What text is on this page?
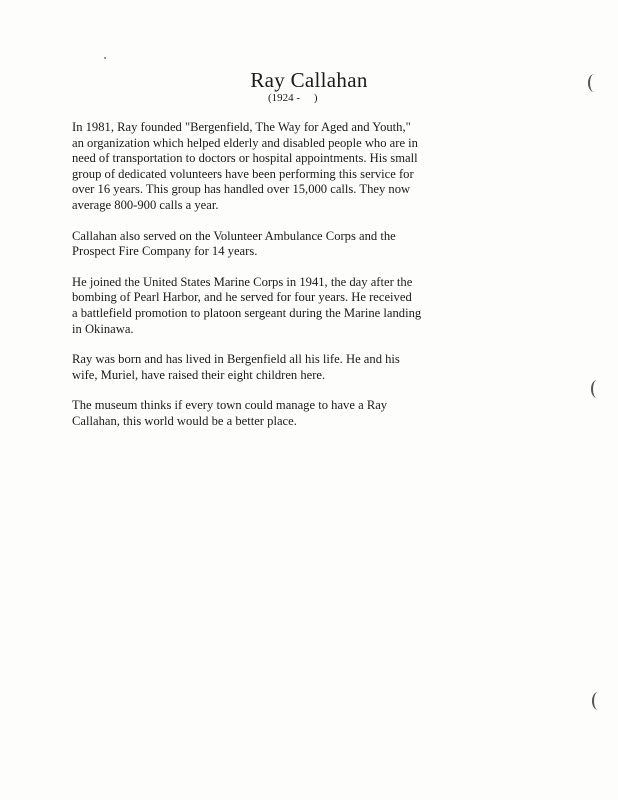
Ray Callahan
(1924 -     )

In 1981, Ray founded "Bergenfield, The Way for Aged and Youth,"
an organization which helped elderly and disabled people who are in
need of transportation to doctors or hospital appointments. His small
group of dedicated volunteers have been performing this service for
over 16 years. This group has handled over 15,000 calls. They now
average 800-900 calls a year.

Callahan also served on the Volunteer Ambulance Corps and the
Prospect Fire Company for 14 years.

He joined the United States Marine Corps in 1941, the day after the
bombing of Pearl Harbor, and he served for four years. He received
a battlefield promotion to platoon sergeant during the Marine landing
in Okinawa.

Ray was born and has lived in Bergenfield all his life. He and his
wife, Muriel, have raised their eight children here.

The museum thinks if every town could manage to have a Ray
Callahan, this world would be a better place.
